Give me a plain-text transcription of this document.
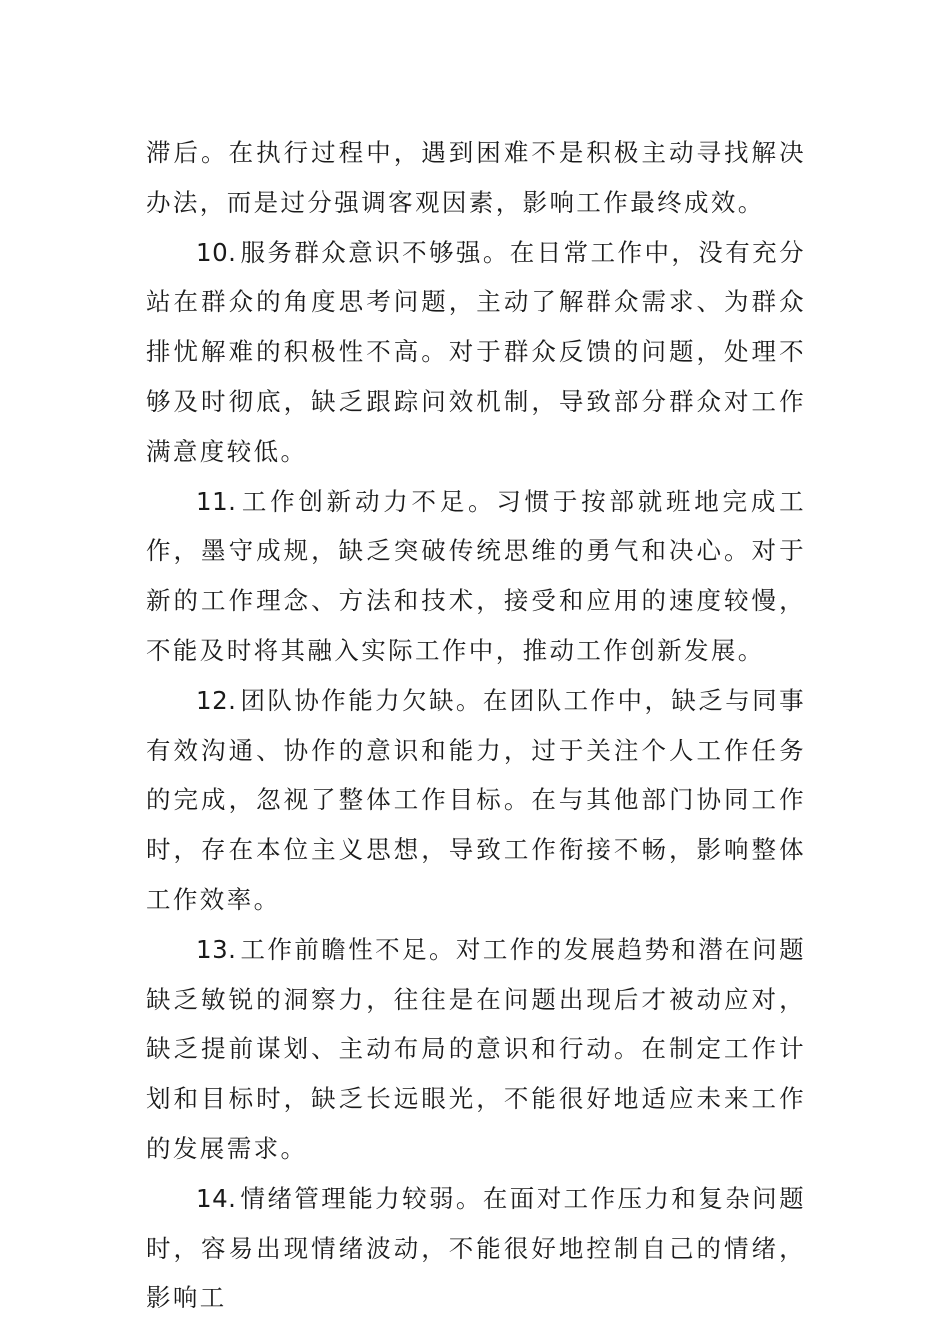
滞后。在执行过程中，遇到困难不是积极主动寻找解决办法，而是过分强调客观因素，影响工作最终成效。

10. 服务群众意识不够强。在日常工作中，没有充分站在群众的角度思考问题，主动了解群众需求、为群众排忧解难的积极性不高。对于群众反馈的问题，处理不够及时彻底，缺乏跟踪问效机制，导致部分群众对工作满意度较低。

11. 工作创新动力不足。习惯于按部就班地完成工作，墨守成规，缺乏突破传统思维的勇气和决心。对于新的工作理念、方法和技术，接受和应用的速度较慢，不能及时将其融入实际工作中，推动工作创新发展。

12. 团队协作能力欠缺。在团队工作中，缺乏与同事有效沟通、协作的意识和能力，过于关注个人工作任务的完成，忽视了整体工作目标。在与其他部门协同工作时，存在本位主义思想，导致工作衔接不畅，影响整体工作效率。

13. 工作前瞻性不足。对工作的发展趋势和潜在问题缺乏敏锐的洞察力，往往是在问题出现后才被动应对，缺乏提前谋划、主动布局的意识和行动。在制定工作计划和目标时，缺乏长远眼光，不能很好地适应未来工作的发展需求。

14. 情绪管理能力较弱。在面对工作压力和复杂问题时，容易出现情绪波动，不能很好地控制自己的情绪，影响工
